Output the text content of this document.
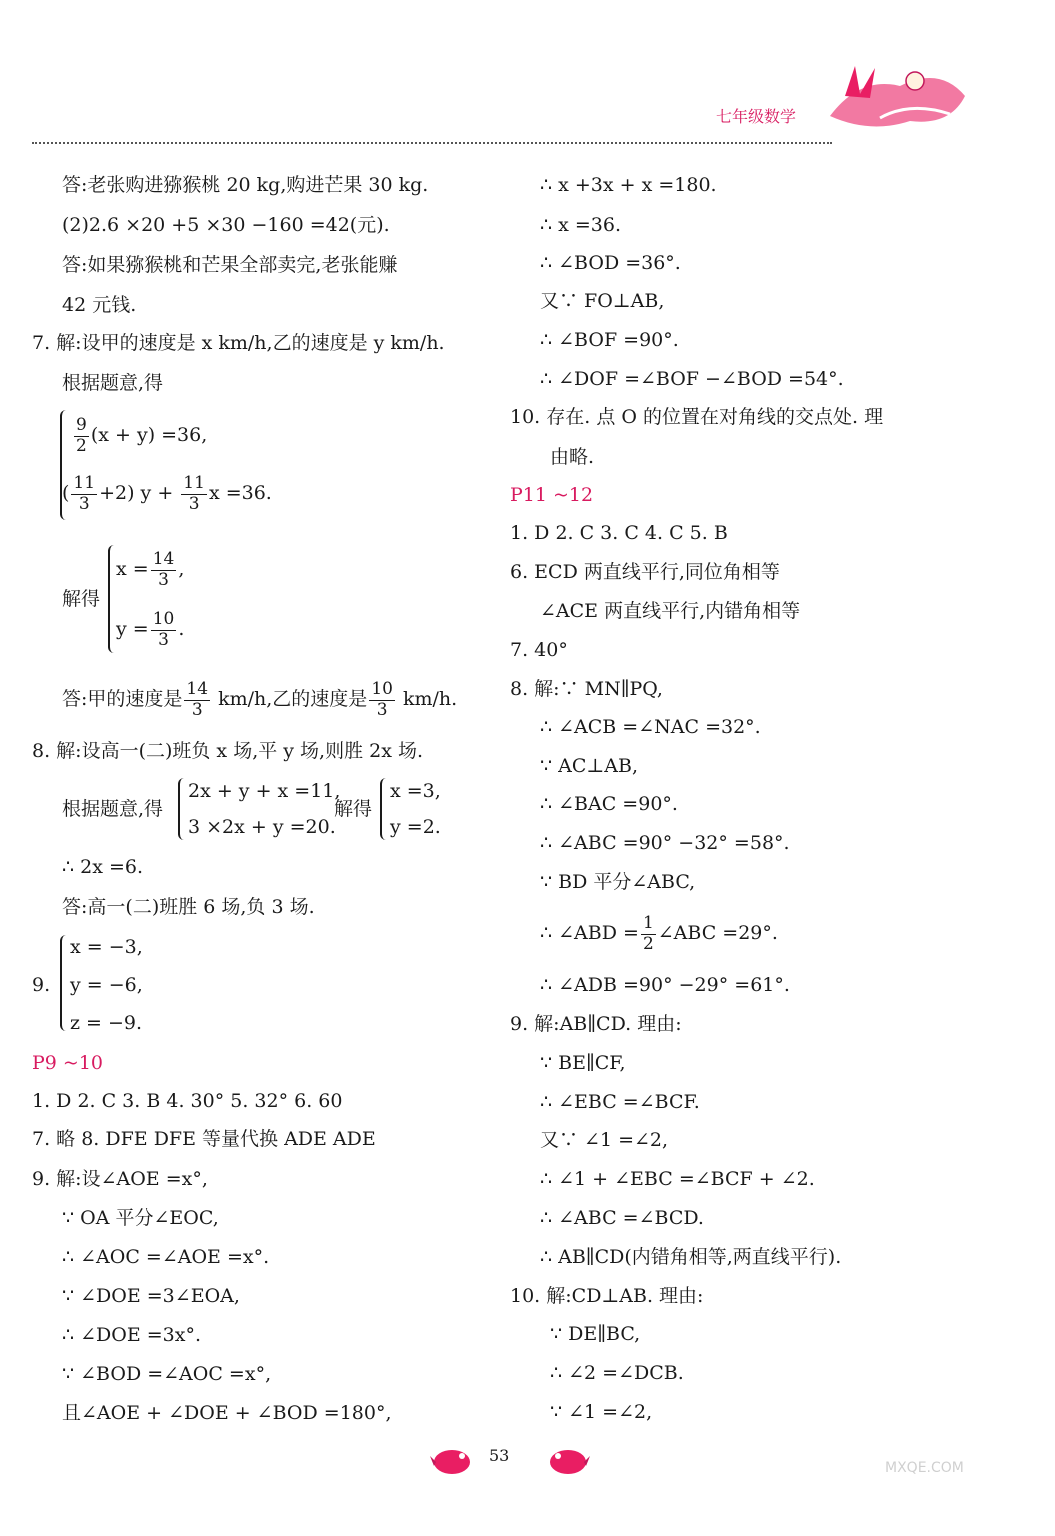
七年级数学
答:老张购进猕猴桃 20 kg,购进芒果 30 kg.
(2)2.6 ×20 +5 ×30 −160 =42(元).
答:如果猕猴桃和芒果全部卖完,老张能赚
42 元钱.
7. 解:设甲的速度是 x km/h,乙的速度是 y km/h.
根据题意,得
$\frac{9}{2} (x + y) =36$,
( $\frac{11}{3} +2$) $y + \frac{11}{3}$ x =36.
解得
$x = \frac{14}{3}$ ,
$y = \frac{10}{3}$ .
答:甲的速度是 $\frac{14}{3} km/h$,乙的速度是 $\frac{10}{3} km/h$.
8. 解:设高一(二)班负 x 场,平 y 场,则胜 2x 场.
根据题意,得
2x + y + x =11,
3 ×2x + y =20.
解得
x =3,
y =2.
∴ 2x =6.
答:高一(二)班胜 6 场,负 3 场.
9.
x = −3,
y = −6,
z = −9.
P9 ~10
1. D 2. C 3. B 4. 30° 5. 32° 6. 60
7. 略 8. DFE DFE 等量代换 ADE ADE
9. 解:设∠AOE =x°,
∵ OA 平分∠EOC,
∴ ∠AOC =∠AOE =x°.
∵ ∠DOE =3∠EOA,
∴ ∠DOE =3x°.
∵ ∠BOD =∠AOC =x°,
且∠AOE + ∠DOE + ∠BOD =180°,
∴ x +3x + x =180.
∴ x =36.
∴ ∠BOD =36°.
又∵ FO⊥AB,
∴ ∠BOF =90°.
∴ ∠DOF =∠BOF −∠BOD =54°.
10. 存在. 点 O 的位置在对角线的交点处. 理
由略.
P11 ~12
1. D 2. C 3. C 4. C 5. B
6. ECD 两直线平行,同位角相等
∠ACE 两直线平行,内错角相等
7. 40°
8. 解:∵ MN∥PQ,
∴ ∠ACB =∠NAC =32°.
∵ AC⊥AB,
∴ ∠BAC =90°.
∴ ∠ABC =90° −32° =58°.
∵ BD 平分∠ABC,
∴ ∠ABD = $\frac{1}{2}$ ∠ABC =29°.
∴ ∠ADB =90° −29° =61°.
9. 解:AB∥CD. 理由:
∵ BE∥CF,
∴ ∠EBC =∠BCF.
又∵ ∠1 =∠2,
∴ ∠1 + ∠EBC =∠BCF + ∠2.
∴ ∠ABC =∠BCD.
∴ AB∥CD(内错角相等,两直线平行).
10. 解:CD⊥AB. 理由:
∵ DE∥BC,
∴ ∠2 =∠DCB.
∵ ∠1 =∠2,
53
MXQE.COM
